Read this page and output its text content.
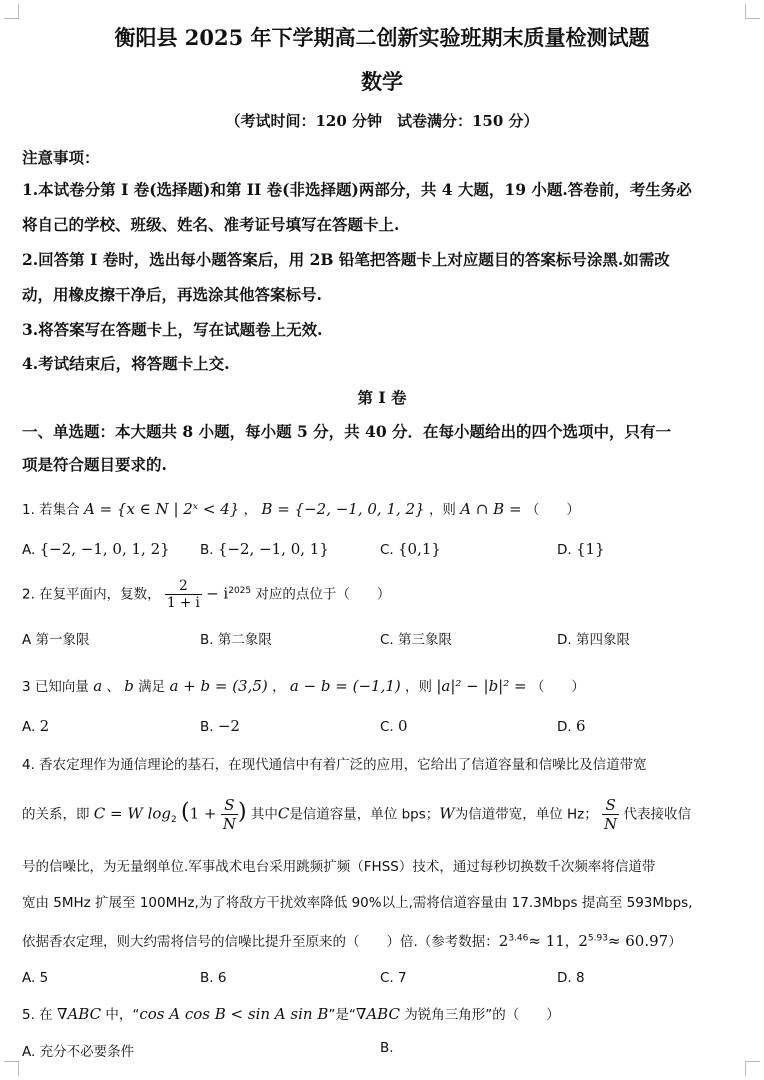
衡阳县 2025 年下学期高二创新实验班期末质量检测试题
数学
（考试时间：120 分钟　试卷满分：150 分）
注意事项：
1.本试卷分第 I 卷(选择题)和第 II 卷(非选择题)两部分，共 4 大题，19 小题.答卷前，考生务必
将自己的学校、班级、姓名、准考证号填写在答题卡上.
2.回答第 I 卷时，选出每小题答案后，用 2B 铅笔把答题卡上对应题目的答案标号涂黑.如需改
动，用橡皮擦干净后，再选涂其他答案标号.
3.将答案写在答题卡上，写在试题卷上无效.
4.考试结束后，将答题卡上交.
第 I 卷
一、单选题：本大题共 8 小题，每小题 5 分，共 40 分．在每小题给出的四个选项中，只有一
项是符合题目要求的.
1. 若集合 A = {x ∈ N | 2ˣ < 4} ， B = {−2, −1, 0, 1, 2} ，则 A ∩ B = （　　）
A. {−2, −1, 0, 1, 2} B. {−2, −1, 0, 1}	C. {0,1}	D. {1}
2. 在复平面内，复数， $\frac{2}{1 + i} - i^{2025}$ 对应的点位于（　　）
A 第一象限	B. 第二象限	C. 第三象限	D. 第四象限
3 已知向量 a 、 b 满足 a + b = (3,5) ， a − b = (−1,1) ，则 |a|² − |b|² = （　　）
A. 2	B. −2	C. 0	D. 6
4. 香农定理作为通信理论的基石，在现代通信中有着广泛的应用，它给出了信道容量和信噪比及信道带宽
的关系，即 C = W $\log_2 (1 + \frac{S}{N}$ ) 其中C是信道容量，单位 bps；W为信道带宽，单位 Hz； $\frac{S}{N}$ 代表接收信
号的信噪比，为无量纲单位.军事战术电台采用跳频扩频（FHSS）技术，通过每秒切换数千次频率将信道带
宽由 5MHz 扩展至 100MHz,为了将敌方干扰效率降低 90%以上,需将信道容量由 17.3Mbps 提高至 593Mbps,
依据香农定理，则大约需将信号的信噪比提升至原来的（　　）倍.（参考数据：$2^{3.46}\approx 11$，$2^{5.93}\approx 60.97$）
A. 5	B. 6	C. 7	D. 8
5. 在 ∇ABC 中，“cos A cos B < sin A sin B”是“∇ABC 为锐角三角形”的（　　）
A. 充分不必要条件	B.
